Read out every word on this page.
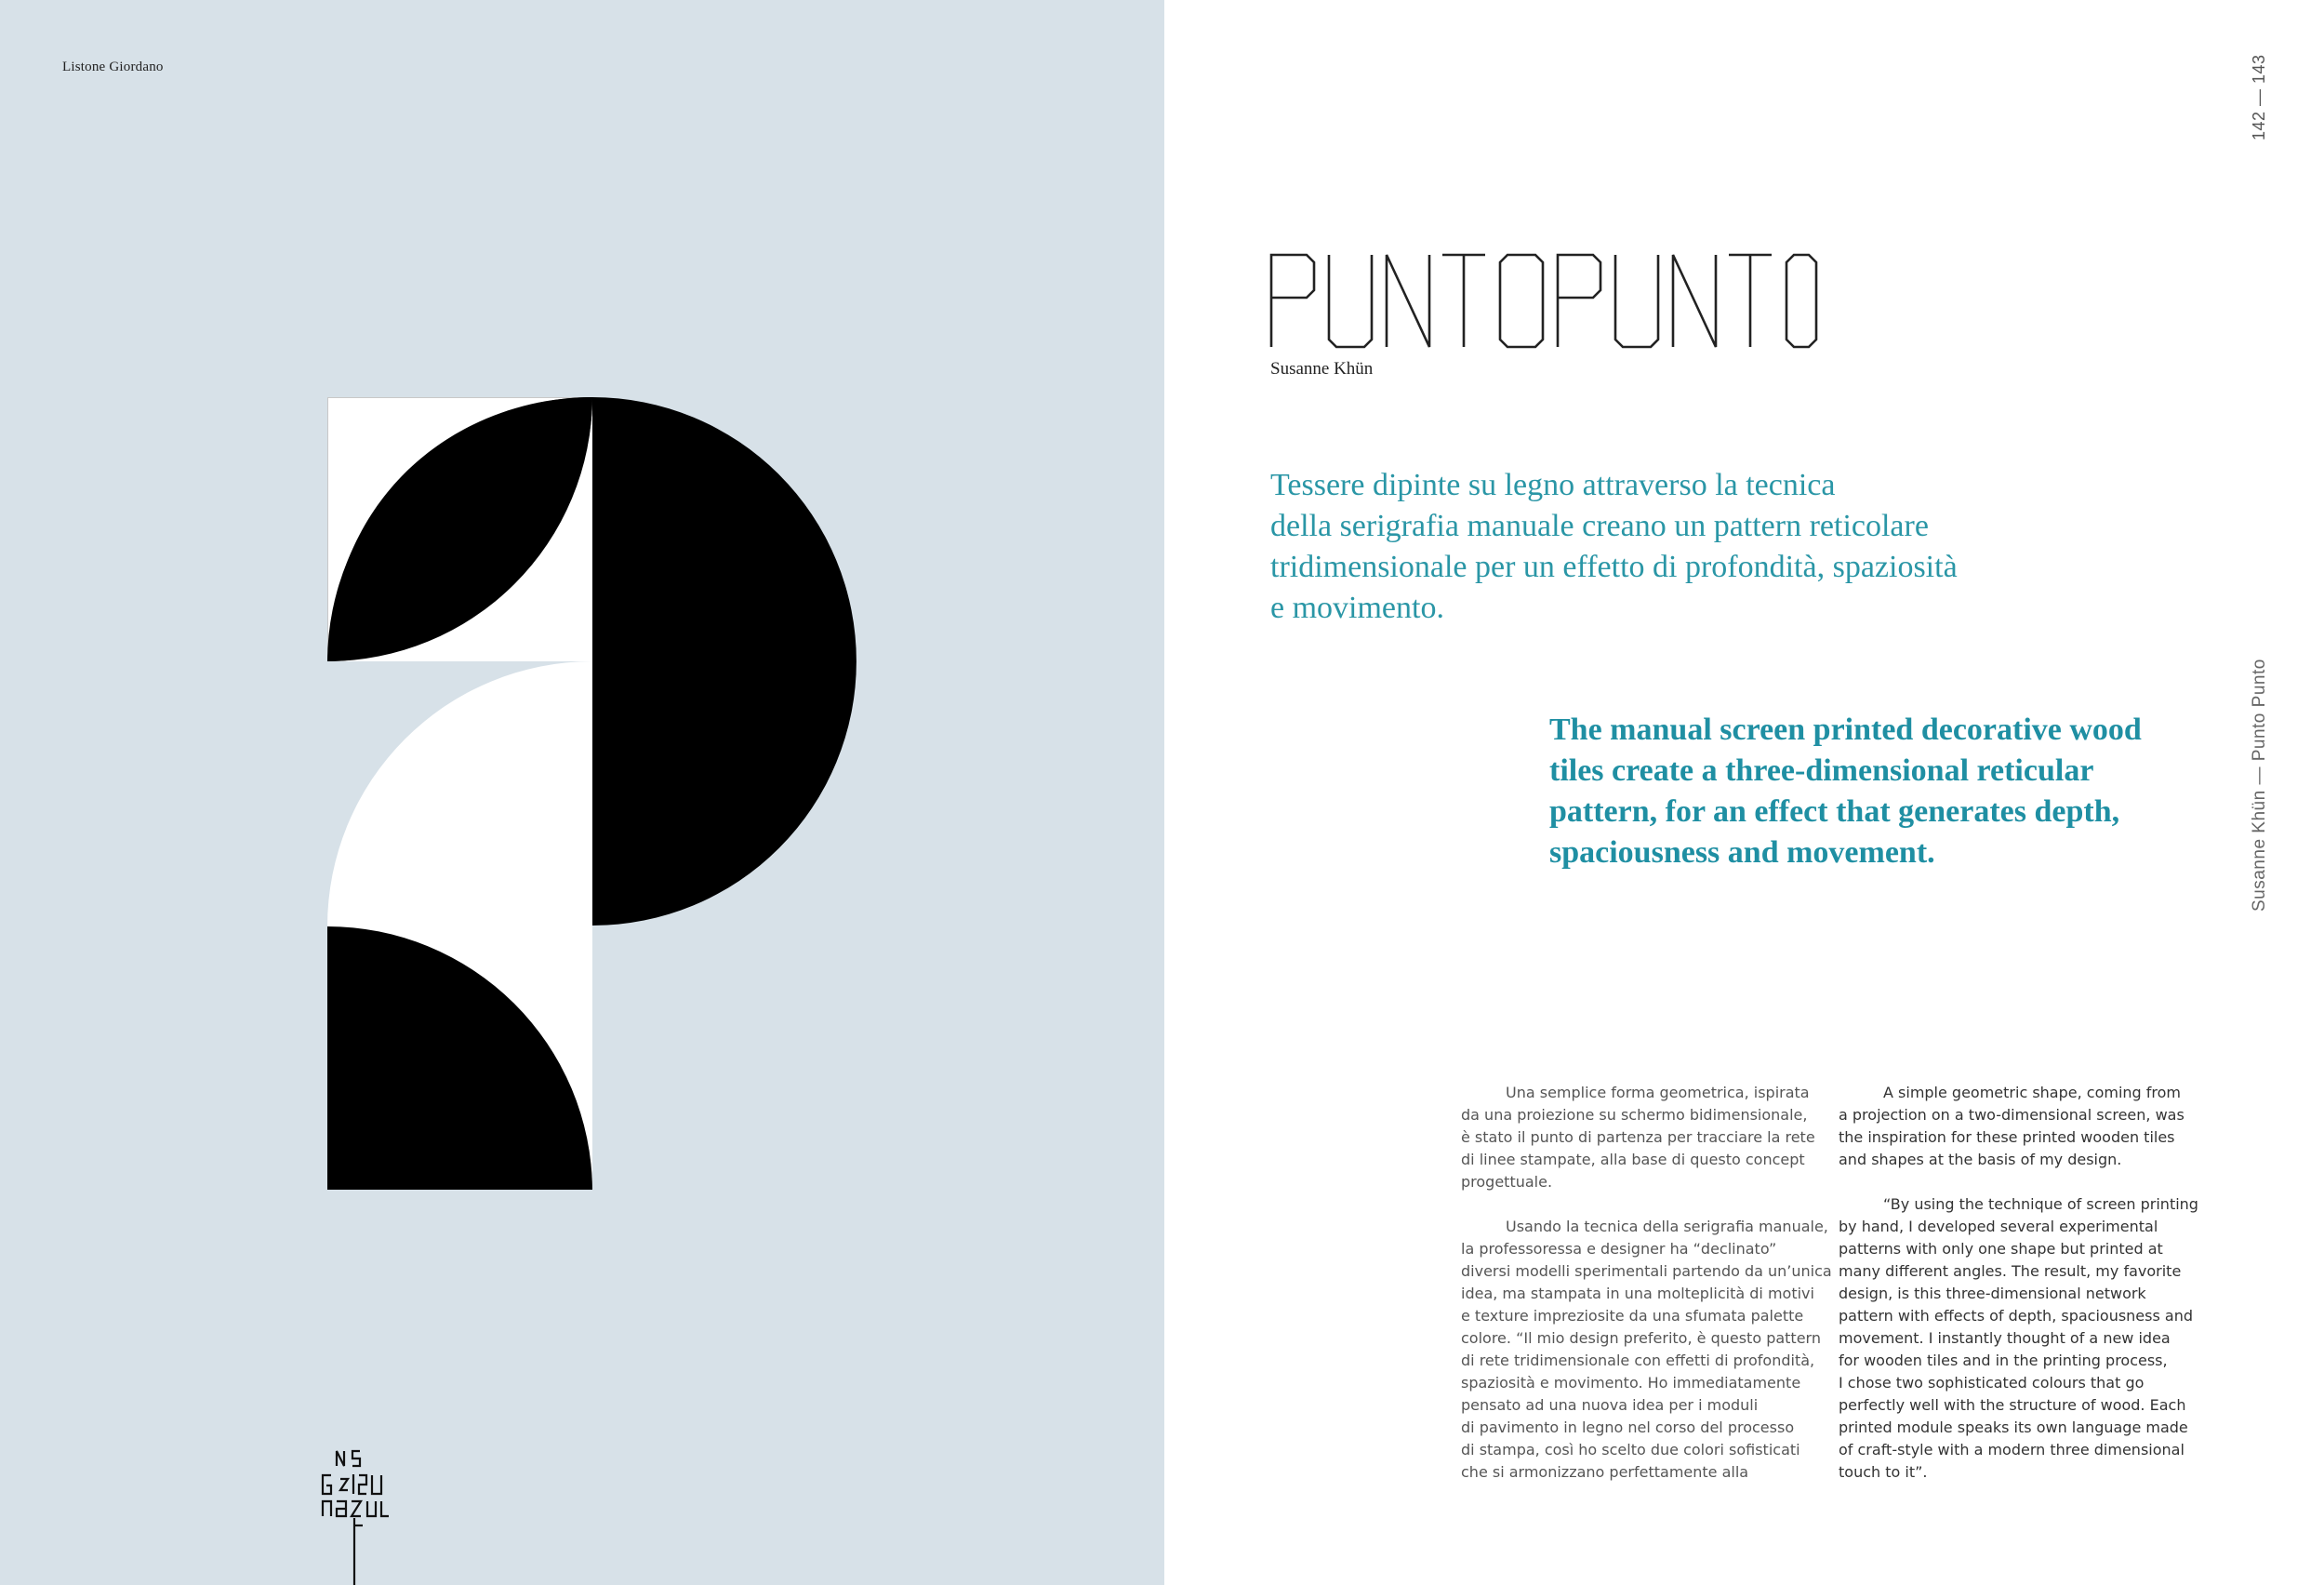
Listone Giordano	142 — 143
Susanne Khün — Punto Punto
PUNTOPUNTO
Susanne Khün

Tessere dipinte su legno attraverso la tecnica
della serigrafia manuale creano un pattern reticolare
tridimensionale per un effetto di profondità, spaziosità
e movimento.

The manual screen printed decorative wood
tiles create a three-dimensional reticular
pattern, for an effect that generates depth,
spaciousness and movement.

Una semplice forma geometrica, ispirata
da una proiezione su schermo bidimensionale,
è stato il punto di partenza per tracciare la rete
di linee stampate, alla base di questo concept
progettuale.

Usando la tecnica della serigrafia manuale,
la professoressa e designer ha “declinato”
diversi modelli sperimentali partendo da un’unica
idea, ma stampata in una molteplicità di motivi
e texture impreziosite da una sfumata palette
colore. “Il mio design preferito, è questo pattern
di rete tridimensionale con effetti di profondità,
spaziosità e movimento. Ho immediatamente
pensato ad una nuova idea per i moduli
di pavimento in legno nel corso del processo
di stampa, così ho scelto due colori sofisticati
che si armonizzano perfettamente alla

A simple geometric shape, coming from
a projection on a two-dimensional screen, was
the inspiration for these printed wooden tiles
and shapes at the basis of my design.

“By using the technique of screen printing
by hand, I developed several experimental
patterns with only one shape but printed at
many different angles. The result, my favorite
design, is this three-dimensional network
pattern with effects of depth, spaciousness and
movement. I instantly thought of a new idea
for wooden tiles and in the printing process,
I chose two sophisticated colours that go
perfectly well with the structure of wood. Each
printed module speaks its own language made
of craft-style with a modern three dimensional
touch to it”.
